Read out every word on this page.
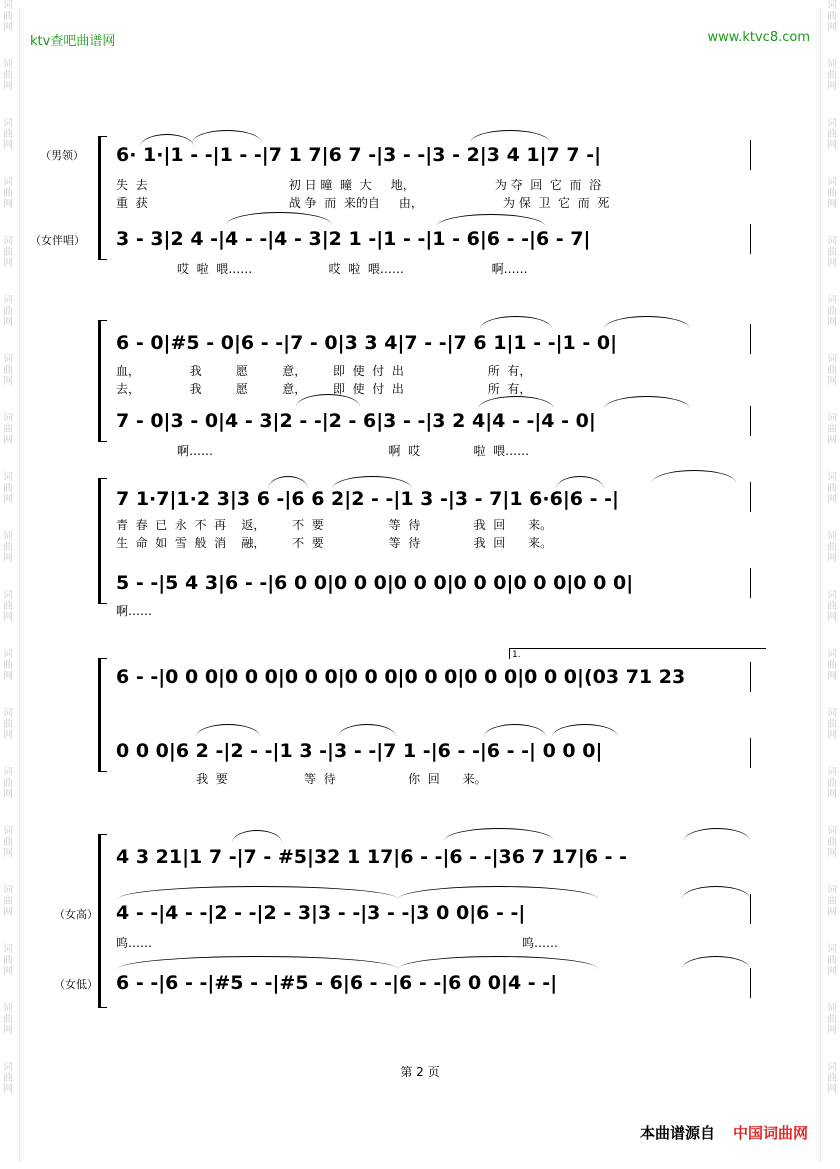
词
曲
网
词
曲
网
词
曲
网
词
曲
网
词
曲
网
词
曲
网
词
曲
网
词
曲
网
词
曲
网
词
曲
网
词
曲
网
词
曲
网
词
曲
网
词
曲
网
词
曲
网
词
曲
网
词
曲
网
词
曲
网
词
曲
网
词
曲
网
词
曲
网
词
曲
网
词
曲
网
词
曲
网
词
曲
网
词
曲
网
词
曲
网
词
曲
网
词
曲
网
词
曲
网
词
曲
网
词
曲
网
词
曲
网
词
曲
网
词
曲
网
词
曲
网
词
曲
网
词
曲
网
ktv查吧曲谱网	www.ktvc8.com
（男领）
（女伴唱）
6· 1·|1 - -|1 - -|7 1 7|6 7 -|3 - -|3 - 2|3 4 1|7 7 -|
失  去                                     初 日 曈  曈  大     地，                     为 夺  回  它  而  浴
重  获                                     战 争  而  来的自     由，                     为 保  卫  它  而  死
3 - 3|2 4 -|4 - -|4 - 3|2 1 -|1 - -|1 - 6|6 - -|6 - 7|
哎  啦  喂……                    哎  啦  喂……                       啊……
6 - 0|#5 - 0|6 - -|7 - 0|3 3 4|7 - -|7 6 1|1 - -|1 - 0|
血，             我         愿         意，       即  使  付  出                      所  有，
去，             我         愿         意，       即  使  付  出                      所  有，
7 - 0|3 - 0|4 - 3|2 - -|2 - 6|3 - -|3 2 4|4 - -|4 - 0|
啊……                                              啊  哎              啦  喂……
7 1·7|1·2 3|3 6 -|6 6 2|2 - -|1 3 -|3 - 7|1 6·6|6 - -|
青  春  已  永  不  再    返，       不  要                 等  待              我  回      来。
生  命  如  雪  般  消    融，       不  要                 等  待              我  回      来。
5 - -|5 4 3|6 - -|6 0 0|0 0 0|0 0 0|0 0 0|0 0 0|0 0 0|
啊……
1.
6 - -|0 0 0|0 0 0|0 0 0|0 0 0|0 0 0|0 0 0|0 0 0|(03 71 23
0 0 0|6 2 -|2 - -|1 3 -|3 - -|7 1 -|6 - -|6 - -| 0 0 0|
我  要                    等  待                   你  回      来。
（女高）
（女低）
4 3 21|1 7 -|7 - #5|32 1 17|6 - -|6 - -|36 7 17|6 - -
4 - -|4 - -|2 - -|2 - 3|3 - -|3 - -|3 0 0|6 - -|
呜……                                                                                                 呜……
6 - -|6 - -|#5 - -|#5 - 6|6 - -|6 - -|6 0 0|4 - -|
第 2 页
本曲谱源自 中国词曲网
